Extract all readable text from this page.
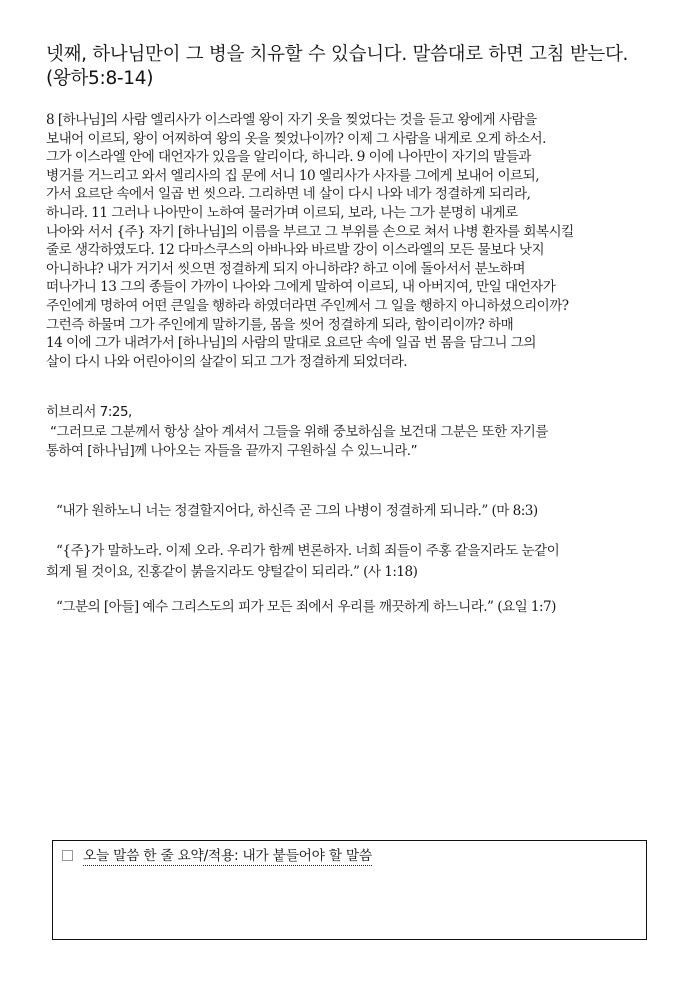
넷째, 하나님만이 그 병을 치유할 수 있습니다. 말씀대로 하면 고침 받는다.
(왕하5:8-14)
8 [하나님]의 사람 엘리사가 이스라엘 왕이 자기 옷을 찢었다는 것을 듣고 왕에게 사람을
보내어 이르되, 왕이 어찌하여 왕의 옷을 찢었나이까? 이제 그 사람을 내게로 오게 하소서.
그가 이스라엘 안에 대언자가 있음을 알리이다, 하니라. 9 이에 나아만이 자기의 말들과
병거를 거느리고 와서 엘리사의 집 문에 서니 10 엘리사가 사자를 그에게 보내어 이르되,
가서 요르단 속에서 일곱 번 씻으라. 그리하면 네 살이 다시 나와 네가 정결하게 되리라,
하니라. 11 그러나 나아만이 노하여 물러가며 이르되, 보라, 나는 그가 분명히 내게로
나아와 서서 {주} 자기 [하나님]의 이름을 부르고 그 부위를 손으로 쳐서 나병 환자를 회복시킬
줄로 생각하였도다. 12 다마스쿠스의 아바나와 바르발 강이 이스라엘의 모든 물보다 낫지
아니하냐? 내가 거기서 씻으면 정결하게 되지 아니하랴? 하고 이에 돌아서서 분노하며
떠나가니 13 그의 종들이 가까이 나아와 그에게 말하여 이르되, 내 아버지여, 만일 대언자가
주인에게 명하여 어떤 큰일을 행하라 하였더라면 주인께서 그 일을 행하지 아니하셨으리이까?
그런즉 하물며 그가 주인에게 말하기를, 몸을 씻어 정결하게 되라, 함이리이까? 하매
14 이에 그가 내려가서 [하나님]의 사람의 말대로 요르단 속에 일곱 번 몸을 담그니 그의
살이 다시 나와 어린아이의 살같이 되고 그가 정결하게 되었더라.
히브리서 7:25,
“그러므로 그분께서 항상 살아 계셔서 그들을 위해 중보하심을 보건대 그분은 또한 자기를
통하여 [하나님]께 나아오는 자들을 끝까지 구원하실 수 있느니라.”
“내가 원하노니 너는 정결할지어다, 하신즉 곧 그의 나병이 정결하게 되니라.” (마 8:3)
“{주}가 말하노라. 이제 오라. 우리가 함께 변론하자. 너희 죄들이 주홍 같을지라도 눈같이
희게 될 것이요, 진홍같이 붉을지라도 양털같이 되리라.” (사 1:18)
“그분의 [아들] 예수 그리스도의 피가 모든 죄에서 우리를 깨끗하게 하느니라.” (요일 1:7)
오늘 말씀 한 줄 요약/적용: 내가 붙들어야 할 말씀
